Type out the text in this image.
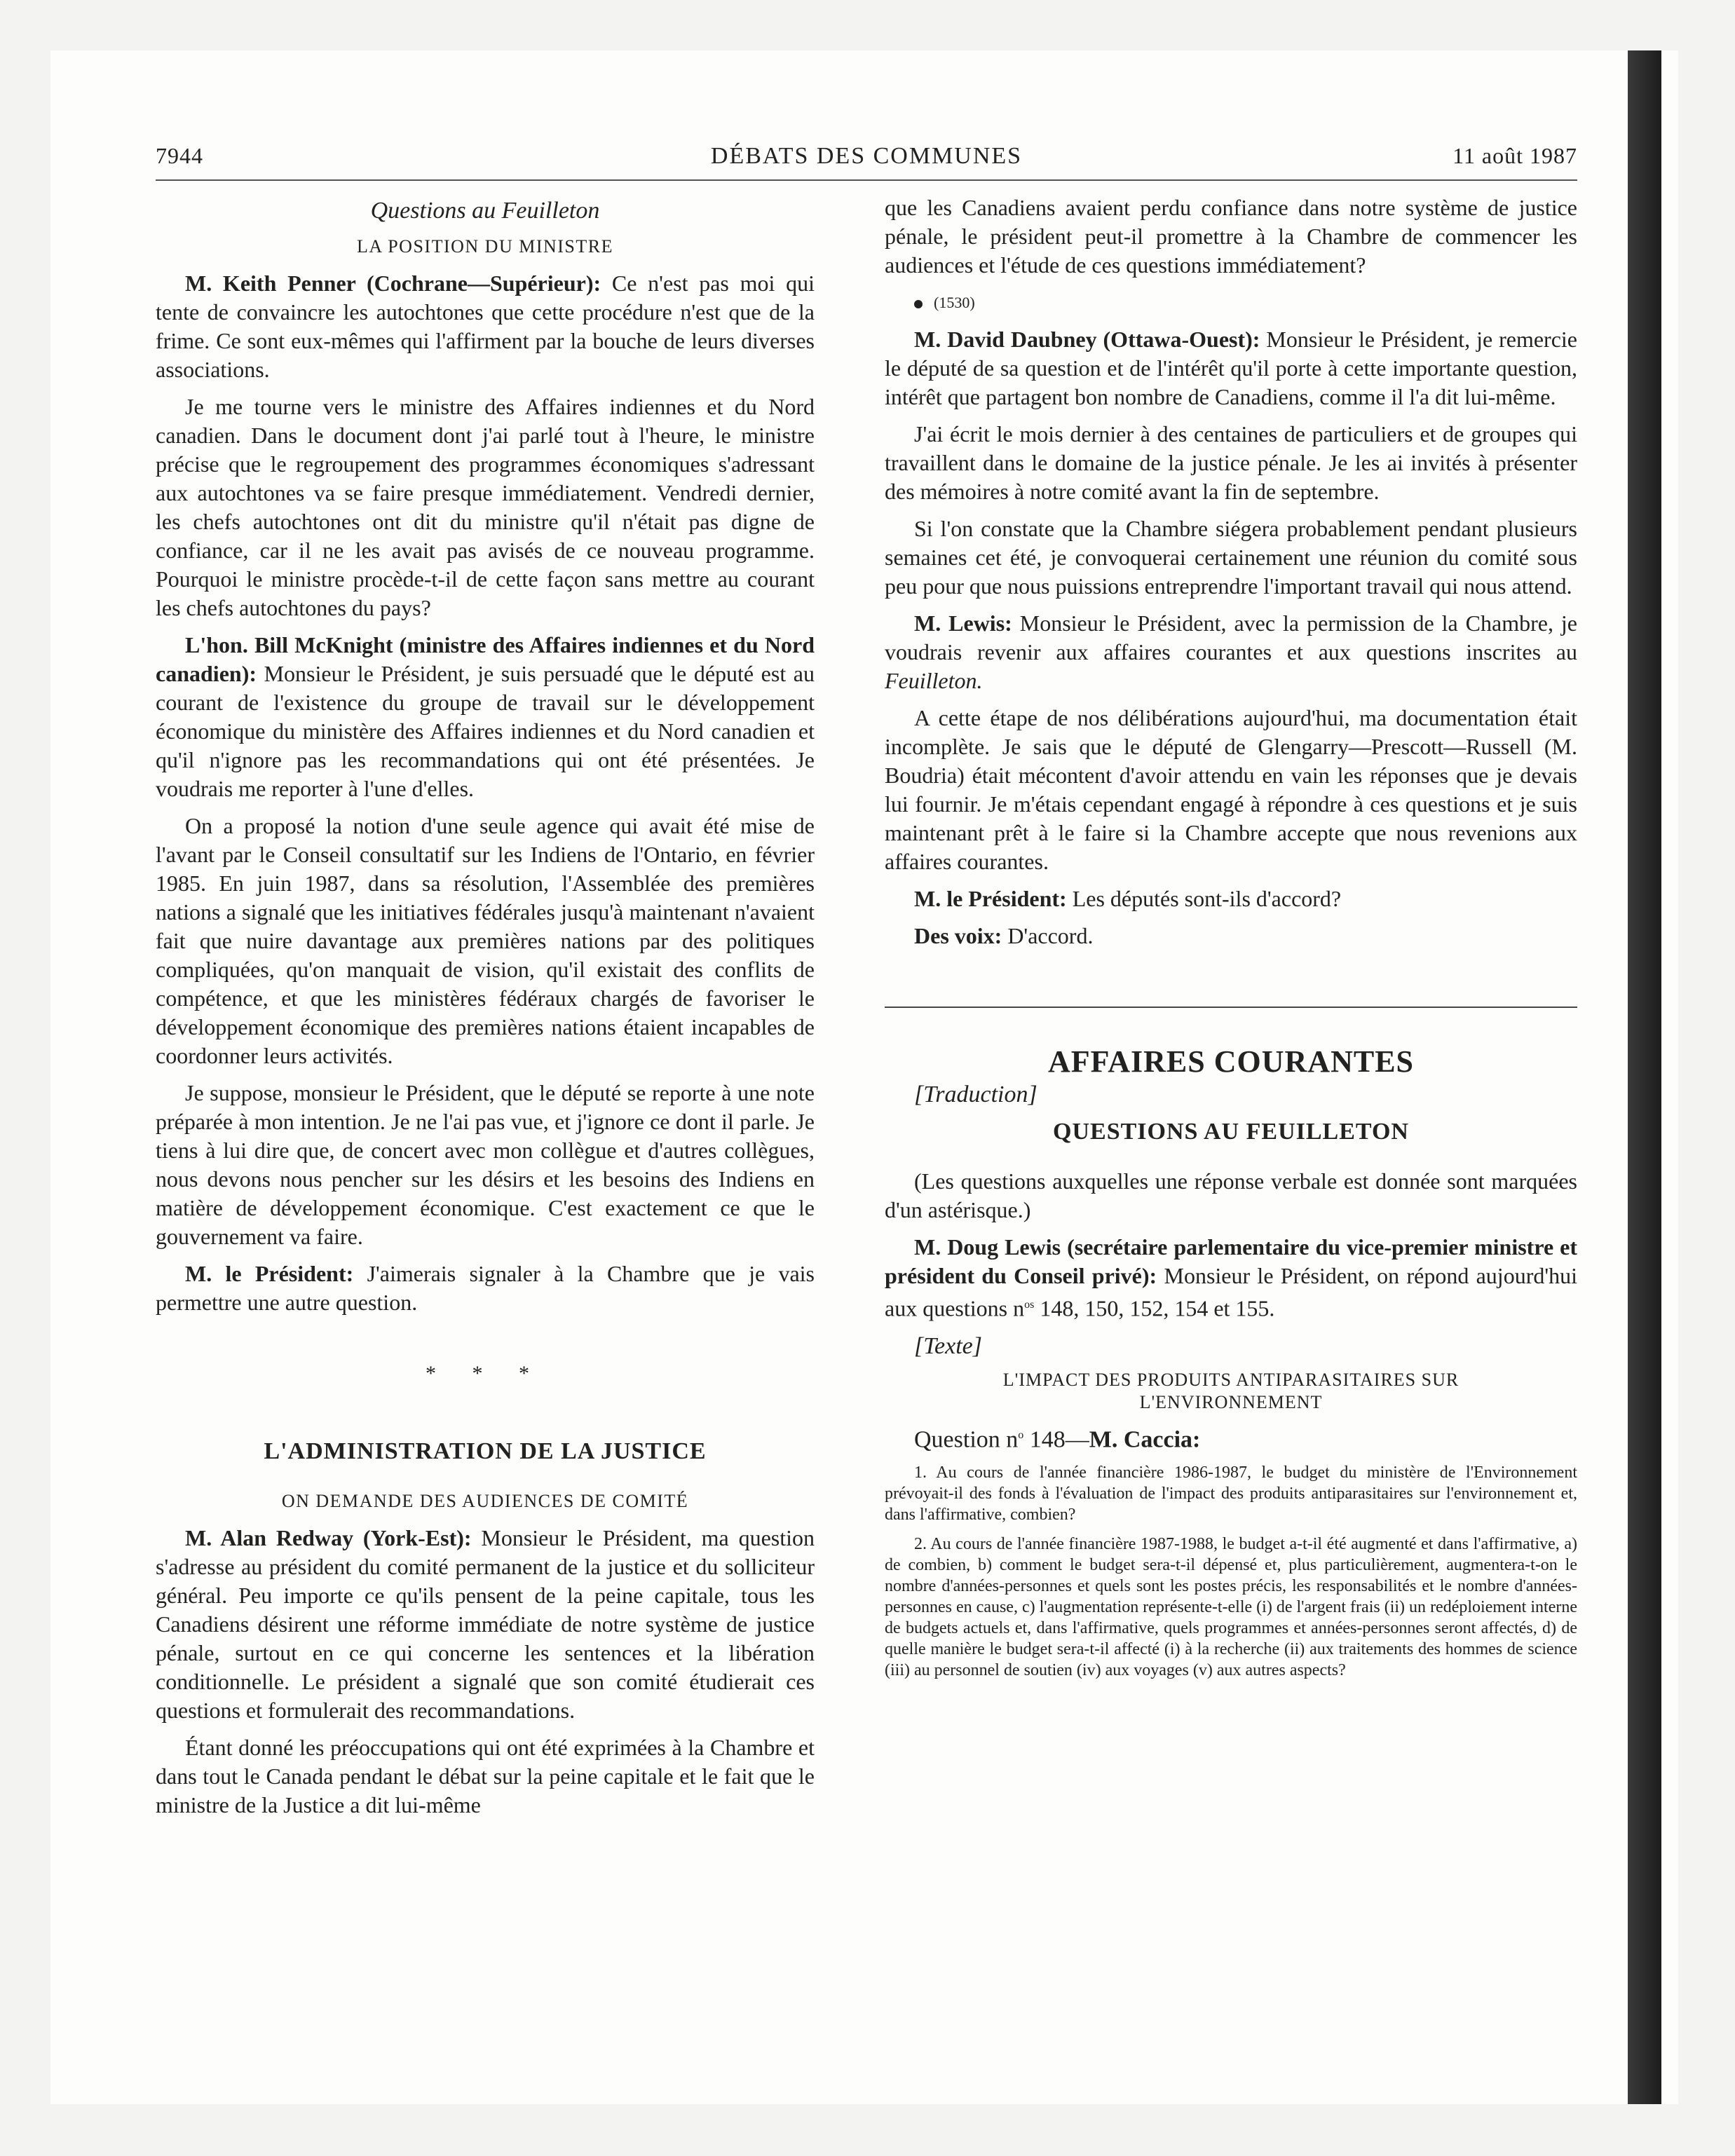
7944	DÉBATS DES COMMUNES	11 août 1987
Questions au Feuilleton
LA POSITION DU MINISTRE

M. Keith Penner (Cochrane—Supérieur): Ce n'est pas moi qui tente de convaincre les autochtones que cette procédure n'est que de la frime. Ce sont eux-mêmes qui l'affirment par la bouche de leurs diverses associations.

Je me tourne vers le ministre des Affaires indiennes et du Nord canadien. Dans le document dont j'ai parlé tout à l'heure, le ministre précise que le regroupement des programmes économiques s'adressant aux autochtones va se faire presque immédiatement. Vendredi dernier, les chefs autochtones ont dit du ministre qu'il n'était pas digne de confiance, car il ne les avait pas avisés de ce nouveau programme. Pourquoi le ministre procède-t-il de cette façon sans mettre au courant les chefs autochtones du pays?

L'hon. Bill McKnight (ministre des Affaires indiennes et du Nord canadien): Monsieur le Président, je suis persuadé que le député est au courant de l'existence du groupe de travail sur le développement économique du ministère des Affaires indiennes et du Nord canadien et qu'il n'ignore pas les recommandations qui ont été présentées. Je voudrais me reporter à l'une d'elles.

On a proposé la notion d'une seule agence qui avait été mise de l'avant par le Conseil consultatif sur les Indiens de l'Ontario, en février 1985. En juin 1987, dans sa résolution, l'Assemblée des premières nations a signalé que les initiatives fédérales jusqu'à maintenant n'avaient fait que nuire davantage aux premières nations par des politiques compliquées, qu'on manquait de vision, qu'il existait des conflits de compétence, et que les ministères fédéraux chargés de favoriser le développement économique des premières nations étaient incapables de coordonner leurs activités.

Je suppose, monsieur le Président, que le député se reporte à une note préparée à mon intention. Je ne l'ai pas vue, et j'ignore ce dont il parle. Je tiens à lui dire que, de concert avec mon collègue et d'autres collègues, nous devons nous pencher sur les désirs et les besoins des Indiens en matière de développement économique. C'est exactement ce que le gouvernement va faire.

M. le Président: J'aimerais signaler à la Chambre que je vais permettre une autre question.

* * *
L'ADMINISTRATION DE LA JUSTICE
ON DEMANDE DES AUDIENCES DE COMITÉ

M. Alan Redway (York-Est): Monsieur le Président, ma question s'adresse au président du comité permanent de la justice et du solliciteur général. Peu importe ce qu'ils pensent de la peine capitale, tous les Canadiens désirent une réforme immédiate de notre système de justice pénale, surtout en ce qui concerne les sentences et la libération conditionnelle. Le président a signalé que son comité étudierait ces questions et formulerait des recommandations.

Étant donné les préoccupations qui ont été exprimées à la Chambre et dans tout le Canada pendant le débat sur la peine capitale et le fait que le ministre de la Justice a dit lui-même

que les Canadiens avaient perdu confiance dans notre système de justice pénale, le président peut-il promettre à la Chambre de commencer les audiences et l'étude de ces questions immédiatement?

(1530)

M. David Daubney (Ottawa-Ouest): Monsieur le Président, je remercie le député de sa question et de l'intérêt qu'il porte à cette importante question, intérêt que partagent bon nombre de Canadiens, comme il l'a dit lui-même.

J'ai écrit le mois dernier à des centaines de particuliers et de groupes qui travaillent dans le domaine de la justice pénale. Je les ai invités à présenter des mémoires à notre comité avant la fin de septembre.

Si l'on constate que la Chambre siégera probablement pendant plusieurs semaines cet été, je convoquerai certainement une réunion du comité sous peu pour que nous puissions entreprendre l'important travail qui nous attend.

M. Lewis: Monsieur le Président, avec la permission de la Chambre, je voudrais revenir aux affaires courantes et aux questions inscrites au Feuilleton.

A cette étape de nos délibérations aujourd'hui, ma documentation était incomplète. Je sais que le député de Glengarry—Prescott—Russell (M. Boudria) était mécontent d'avoir attendu en vain les réponses que je devais lui fournir. Je m'étais cependant engagé à répondre à ces questions et je suis maintenant prêt à le faire si la Chambre accepte que nous revenions aux affaires courantes.

M. le Président: Les députés sont-ils d'accord?

Des voix: D'accord.

AFFAIRES COURANTES

[Traduction]

QUESTIONS AU FEUILLETON

(Les questions auxquelles une réponse verbale est donnée sont marquées d'un astérisque.)

M. Doug Lewis (secrétaire parlementaire du vice-premier ministre et président du Conseil privé): Monsieur le Président, on répond aujourd'hui aux questions $n^{os}$ 148, 150, 152, 154 et 155.

[Texte]

L'IMPACT DES PRODUITS ANTIPARASITAIRES SUR
L'ENVIRONNEMENT

Question $n^o$ 148—M. Caccia:

1. Au cours de l'année financière 1986-1987, le budget du ministère de l'Environnement prévoyait-il des fonds à l'évaluation de l'impact des produits antiparasitaires sur l'environnement et, dans l'affirmative, combien?

2. Au cours de l'année financière 1987-1988, le budget a-t-il été augmenté et dans l'affirmative, a) de combien, b) comment le budget sera-t-il dépensé et, plus particulièrement, augmentera-t-on le nombre d'années-personnes et quels sont les postes précis, les responsabilités et le nombre d'années-personnes en cause, c) l'augmentation représente-t-elle (i) de l'argent frais (ii) un redéploiement interne de budgets actuels et, dans l'affirmative, quels programmes et années-personnes seront affectés, d) de quelle manière le budget sera-t-il affecté (i) à la recherche (ii) aux traitements des hommes de science (iii) au personnel de soutien (iv) aux voyages (v) aux autres aspects?
